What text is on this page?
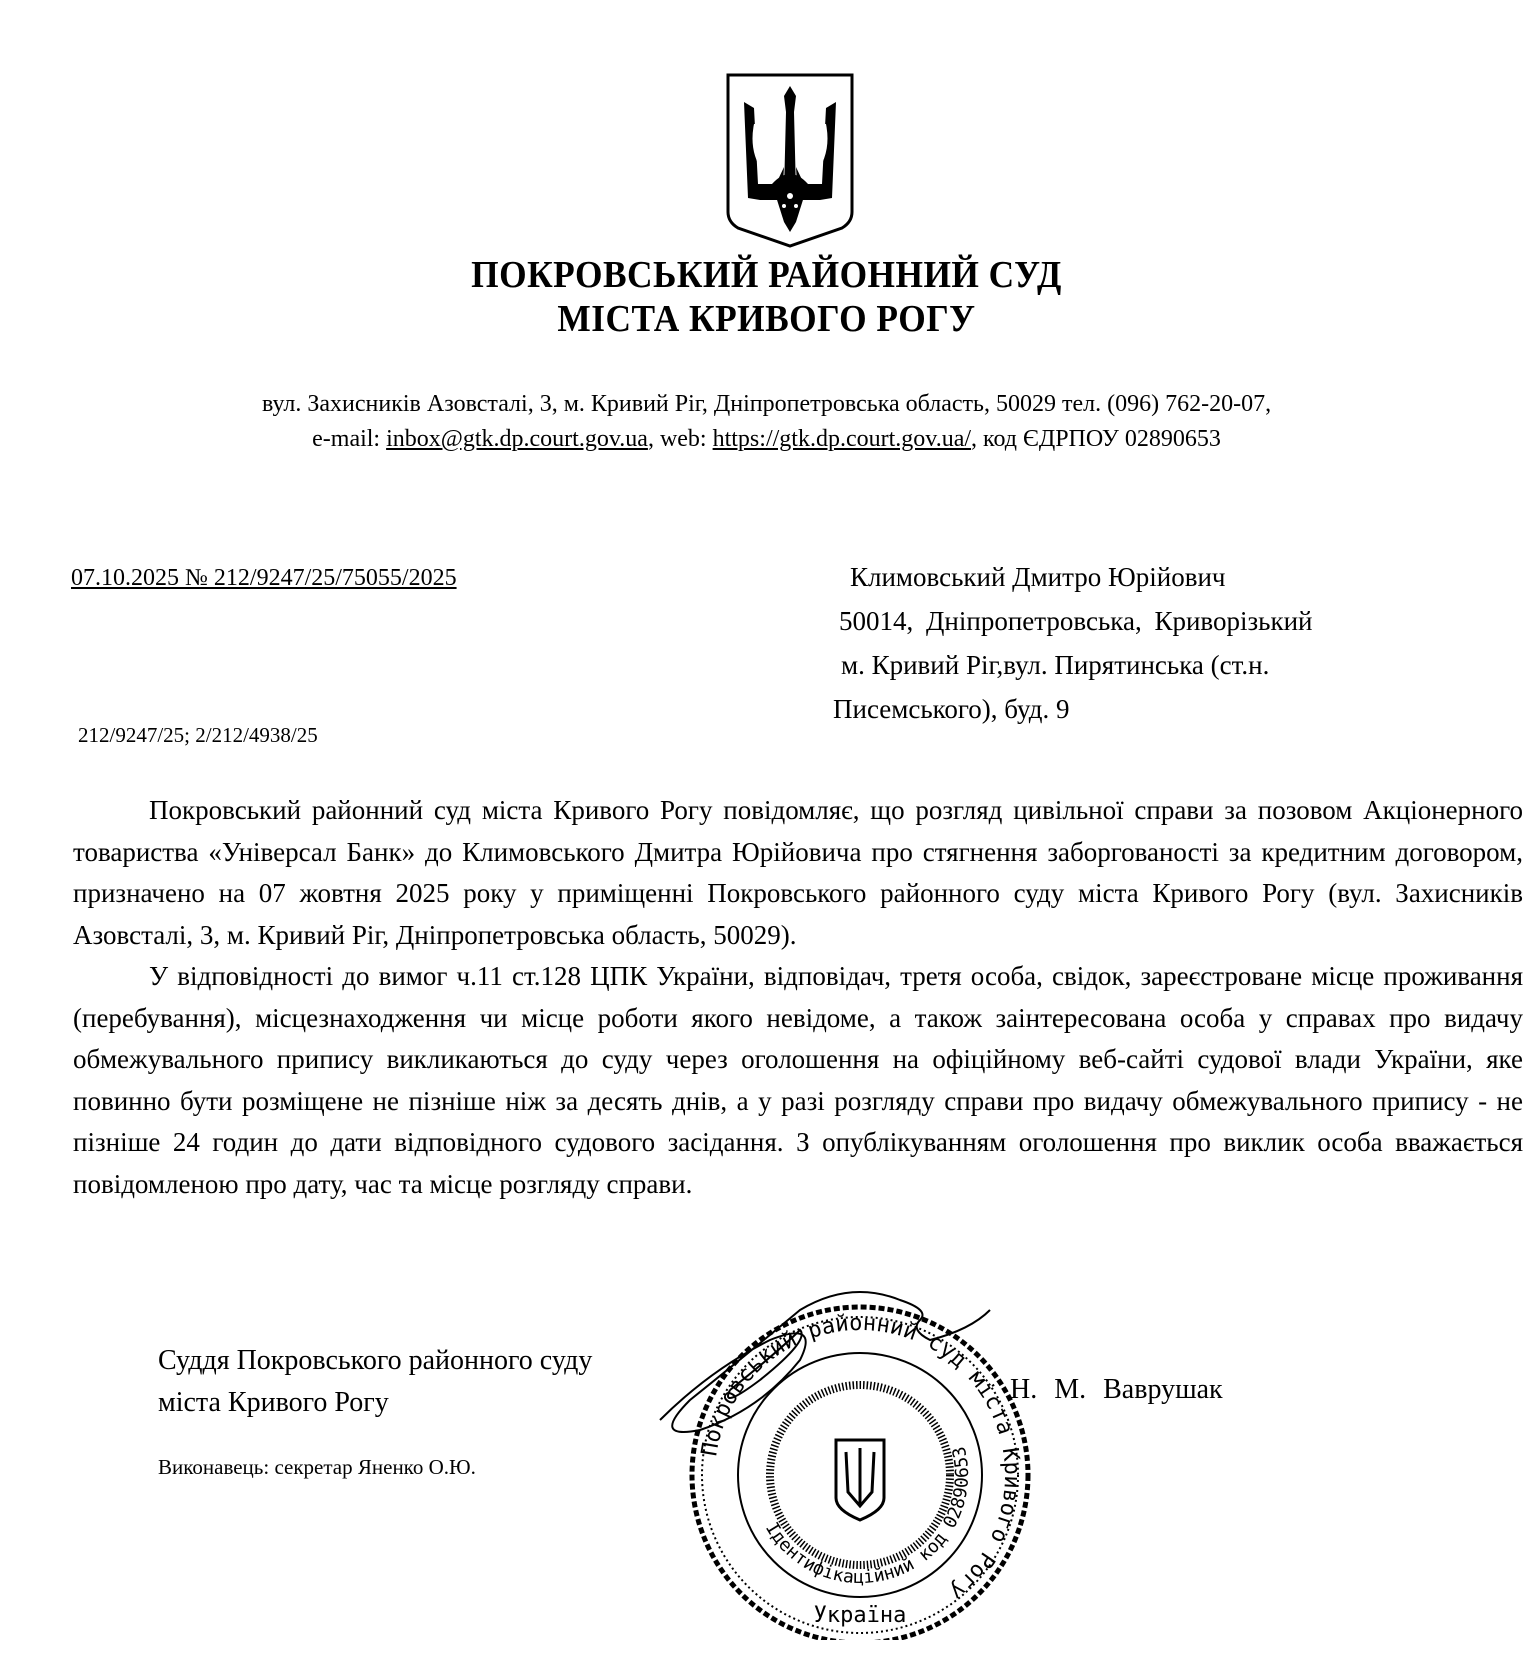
ПОКРОВСЬКИЙ РАЙОННИЙ СУД
МІСТА КРИВОГО РОГУ
вул. Захисників Азовсталі, 3, м. Кривий Ріг, Дніпропетровська область, 50029 тел. (096) 762-20-07,
e-mail: inbox@gtk.dp.court.gov.ua, web: https://gtk.dp.court.gov.ua/, код ЄДРПОУ 02890653
07.10.2025 № 212/9247/25/75055/2025	Климовський Дмитро Юрійович
50014, Дніпропетровська, Криворізький
м. Кривий Ріг,вул. Пирятинська (ст.н.
Писемського), буд. 9
212/9247/25; 2/212/4938/25

Покровський районний суд міста Кривого Рогу повідомляє, що розгляд цивільної справи за позовом Акціонерного товариства «Універсал Банк» до Климовського Дмитра Юрійовича про стягнення заборгованості за кредитним договором, призначено на 07 жовтня 2025 року у приміщенні Покровського районного суду міста Кривого Рогу (вул. Захисників Азовсталі, 3, м. Кривий Ріг, Дніпропетровська область, 50029).

У відповідності до вимог ч.11 ст.128 ЦПК України, відповідач, третя особа, свідок, зареєстроване місце проживання (перебування), місцезнаходження чи місце роботи якого невідоме, а також заінтересована особа у справах про видачу обмежувального припису викликаються до суду через оголошення на офіційному веб-сайті судової влади України, яке повинно бути розміщене не пізніше ніж за десять днів, а у разі розгляду справи про видачу обмежувального припису - не пізніше 24 годин до дати відповідного судового засідання. З опублікуванням оголошення про виклик особа вважається повідомленою про дату, час та місце розгляду справи.

Суддя Покровського районного суду
міста Кривого Рогу
Виконавець: секретар Яненко О.Ю.
Покровський районний суд міста Кривого Рогу
Ідентифікаційний код 02890653
Україна
Н. М. Ваврушак
